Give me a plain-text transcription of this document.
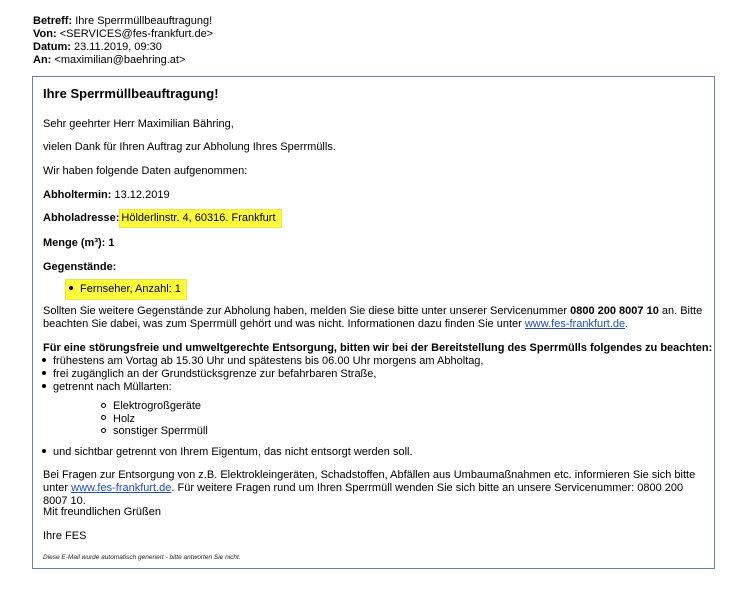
Betreff: Ihre Sperrmüllbeauftragung!
Von: <SERVICES@fes-frankfurt.de>
Datum: 23.11.2019, 09:30
An: <maximilian@baehring.at>
Ihre Sperrmüllbeauftragung!
Sehr geehrter Herr Maximilian Bähring,
vielen Dank für Ihren Auftrag zur Abholung Ihres Sperrmülls.
Wir haben folgende Daten aufgenommen:
Abholtermin: 13.12.2019
Abholadresse: Hölderlinstr. 4, 60316. Frankfurt
Menge (m³): 1
Gegenstände:
Fernseher, Anzahl: 1
Sollten Sie weitere Gegenstände zur Abholung haben, melden Sie diese bitte unter unserer Servicenummer 0800 200 8007 10 an. Bitte beachten Sie dabei, was zum Sperrmüll gehört und was nicht. Informationen dazu finden Sie unter www.fes-frankfurt.de.
Für eine störungsfreie und umweltgerechte Entsorgung, bitten wir bei der Bereitstellung des Sperrmülls folgendes zu beachten:
frühestens am Vortag ab 15.30 Uhr und spätestens bis 06.00 Uhr morgens am Abholtag,
frei zugänglich an der Grundstücksgrenze zur befahrbaren Straße,
getrennt nach Müllarten:
Elektrogroßgeräte
Holz
sonstiger Sperrmüll
und sichtbar getrennt von Ihrem Eigentum, das nicht entsorgt werden soll.
Bei Fragen zur Entsorgung von z.B. Elektrokleingeräten, Schadstoffen, Abfällen aus Umbaumaßnahmen etc. informieren Sie sich bitte unter www.fes-frankfurt.de. Für weitere Fragen rund um Ihren Sperrmüll wenden Sie sich bitte an unsere Servicenummer: 0800 200 8007 10.
Mit freundlichen Grüßen
Ihre FES
Diese E-Mail wurde automatisch generiert - bitte antworten Sie nicht.
